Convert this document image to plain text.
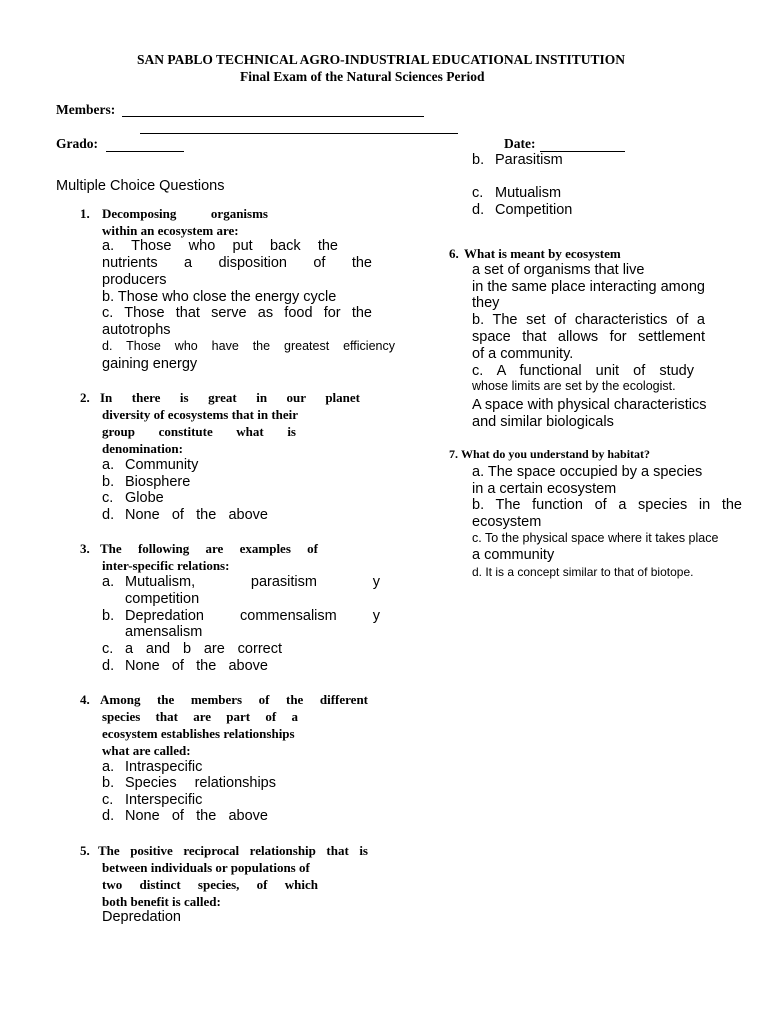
SAN PABLO TECHNICAL AGRO-INDUSTRIAL EDUCATIONAL INSTITUTION
Final Exam of the Natural Sciences Period
Members:
Grado:	Date:
Multiple Choice Questions
1. Decomposing organisms
within an ecosystem are:
a. Those who put back the
nutrients a disposition of the
producers
b. Those who close the energy cycle
c. Those that serve as food for the
autotrophs
d. Those who have the greatest efficiency
gaining energy
2. In there is great in our planet
diversity of ecosystems that in their
group constitute what is
denomination:
a. Community
b. Biosphere
c. Globe
d. None of the above
3. The following are examples of
inter-specific relations:
a. Mutualism, parasitism y
competition
b. Depredation commensalism y
amensalism
c. a and b are correct
d. None of the above
4. Among the members of the different
species that are part of a
ecosystem establishes relationships
what are called:
a. Intraspecific
b. Species relationships
c. Interspecific
d. None of the above
5. The positive reciprocal relationship that is
between individuals or populations of
two distinct species, of which
both benefit is called:
Depredation
b. Parasitism
c. Mutualism
d. Competition
6. What is meant by ecosystem
a set of organisms that live
in the same place interacting among
they
b. The set of characteristics of a
space that allows for settlement
of a community.
c. A functional unit of study
whose limits are set by the ecologist.
A space with physical characteristics
and similar biologicals
7. What do you understand by habitat?
a. The space occupied by a species
in a certain ecosystem
b. The function of a species in the
ecosystem
c. To the physical space where it takes place
a community
d. It is a concept similar to that of biotope.
